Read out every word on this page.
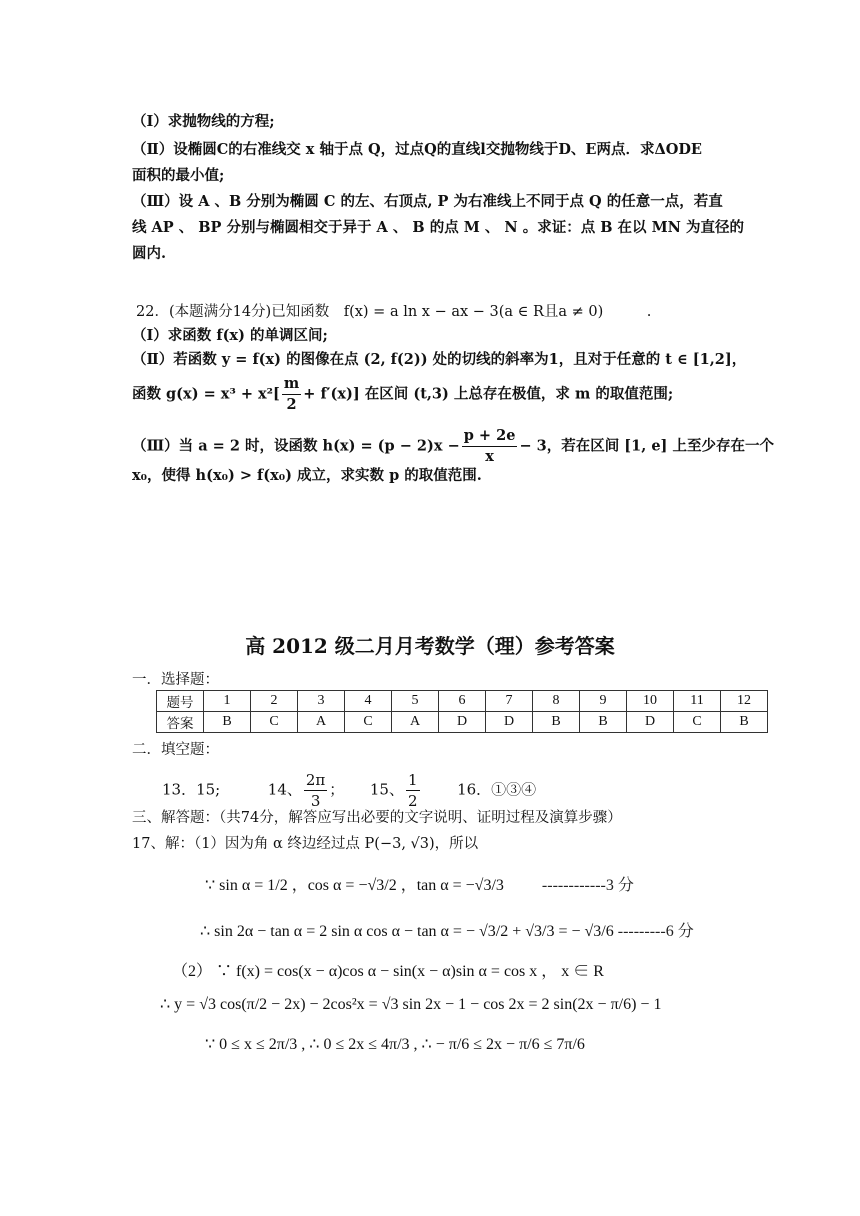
（Ⅰ）求抛物线的方程;
（Ⅱ）设椭圆C的右准线交 x 轴于点 Q，过点Q的直线l交抛物线于D、E两点．求ΔODE
面积的最小值;
（Ⅲ）设 A 、B 分别为椭圆 C 的左、右顶点, P 为右准线上不同于点 Q 的任意一点，若直
线 AP 、 BP 分别与椭圆相交于异于 A 、 B 的点 M 、 N 。求证：点 B 在以 MN 为直径的
圆内.
22．(本题满分14分)已知函数　f(x) = a ln x − ax − 3(a ∈ R且a ≠ 0)　　　.
（Ⅰ）求函数 f(x) 的单调区间;
（Ⅱ）若函数 y = f(x) 的图像在点 (2, f(2)) 处的切线的斜率为1，且对于任意的 t ∈ [1,2]，
函数 $g(x) = x^3 + x^2[ \frac{m}{2} + f'(x)]$ 在区间 (t,3) 上总存在极值，求 m 的取值范围;
（Ⅲ）当 a = 2 时，设函数 $h(x) = (p - 2)x - \frac{p + 2e}{x} - 3$，若在区间 [1, e] 上至少存在一个
x₀，使得 h(x₀) > f(x₀) 成立，求实数 p 的取值范围.
高 2012 级二月月考数学（理）参考答案
一．选择题：
题号	1	2	3	4	5	6	7	8	9	10	11	12
答案	B	C	A	C	A	D	D	B	B	D	C	B
二．填空题：
13．15;	14、 $\frac{2\pi}{3}$ ； 15、 $\frac{1}{2}$	16．①③④
三、解答题：（共74分，解答应写出必要的文字说明、证明过程及演算步骤）
17、解：（1）因为角 α 终边经过点 P(−3, √3)，所以
∵ sin α = 1/2 ，cos α = −√3/2 ，tan α = −√3/3 ------------3 分
∴ sin 2α − tan α = 2 sin α cos α − tan α = − √3/2 + √3/3 = − √3/6 ---------6 分
（2） ∵ f(x) = cos(x − α)cos α − sin(x − α)sin α = cos x ， x ∈ R
∴ y = √3 cos(π/2 − 2x) − 2cos²x = √3 sin 2x − 1 − cos 2x = 2 sin(2x − π/6) − 1
∵ 0 ≤ x ≤ 2π/3 , ∴ 0 ≤ 2x ≤ 4π/3 , ∴ − π/6 ≤ 2x − π/6 ≤ 7π/6
